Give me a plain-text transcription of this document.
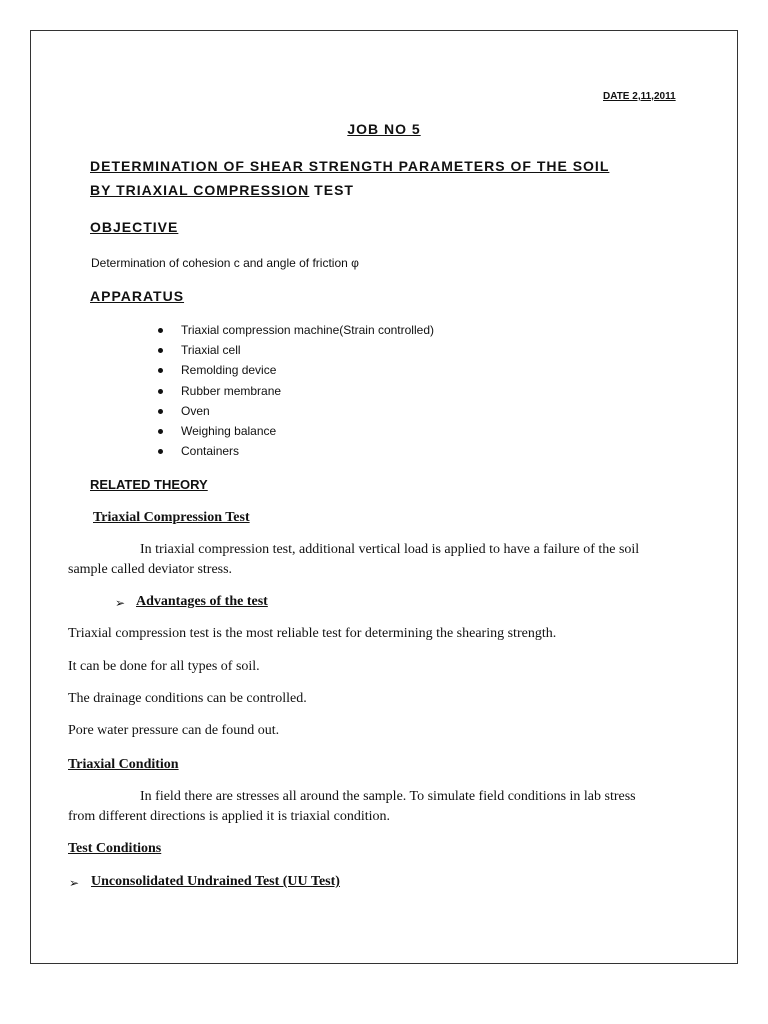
DATE 2,11,2011
JOB NO 5
DETERMINATION OF SHEAR STRENGTH PARAMETERS OF THE SOIL
BY TRIAXIAL COMPRESSION TEST
OBJECTIVE
Determination of cohesion c and angle of friction φ
APPARATUS
Triaxial compression machine(Strain controlled)
Triaxial cell
Remolding device
Rubber membrane
Oven
Weighing balance
Containers
RELATED THEORY
Triaxial Compression Test
In triaxial compression test, additional vertical load is applied to have a failure of the soil
sample called deviator stress.
➢ Advantages of the test
Triaxial compression test is the most reliable test for determining the shearing strength.
It can be done for all types of soil.
The drainage conditions can be controlled.
Pore water pressure can de found out.
Triaxial Condition
In field there are stresses all around the sample. To simulate field conditions in lab stress
from different directions is applied it is triaxial condition.
Test Conditions
➢ Unconsolidated Undrained Test (UU Test)
